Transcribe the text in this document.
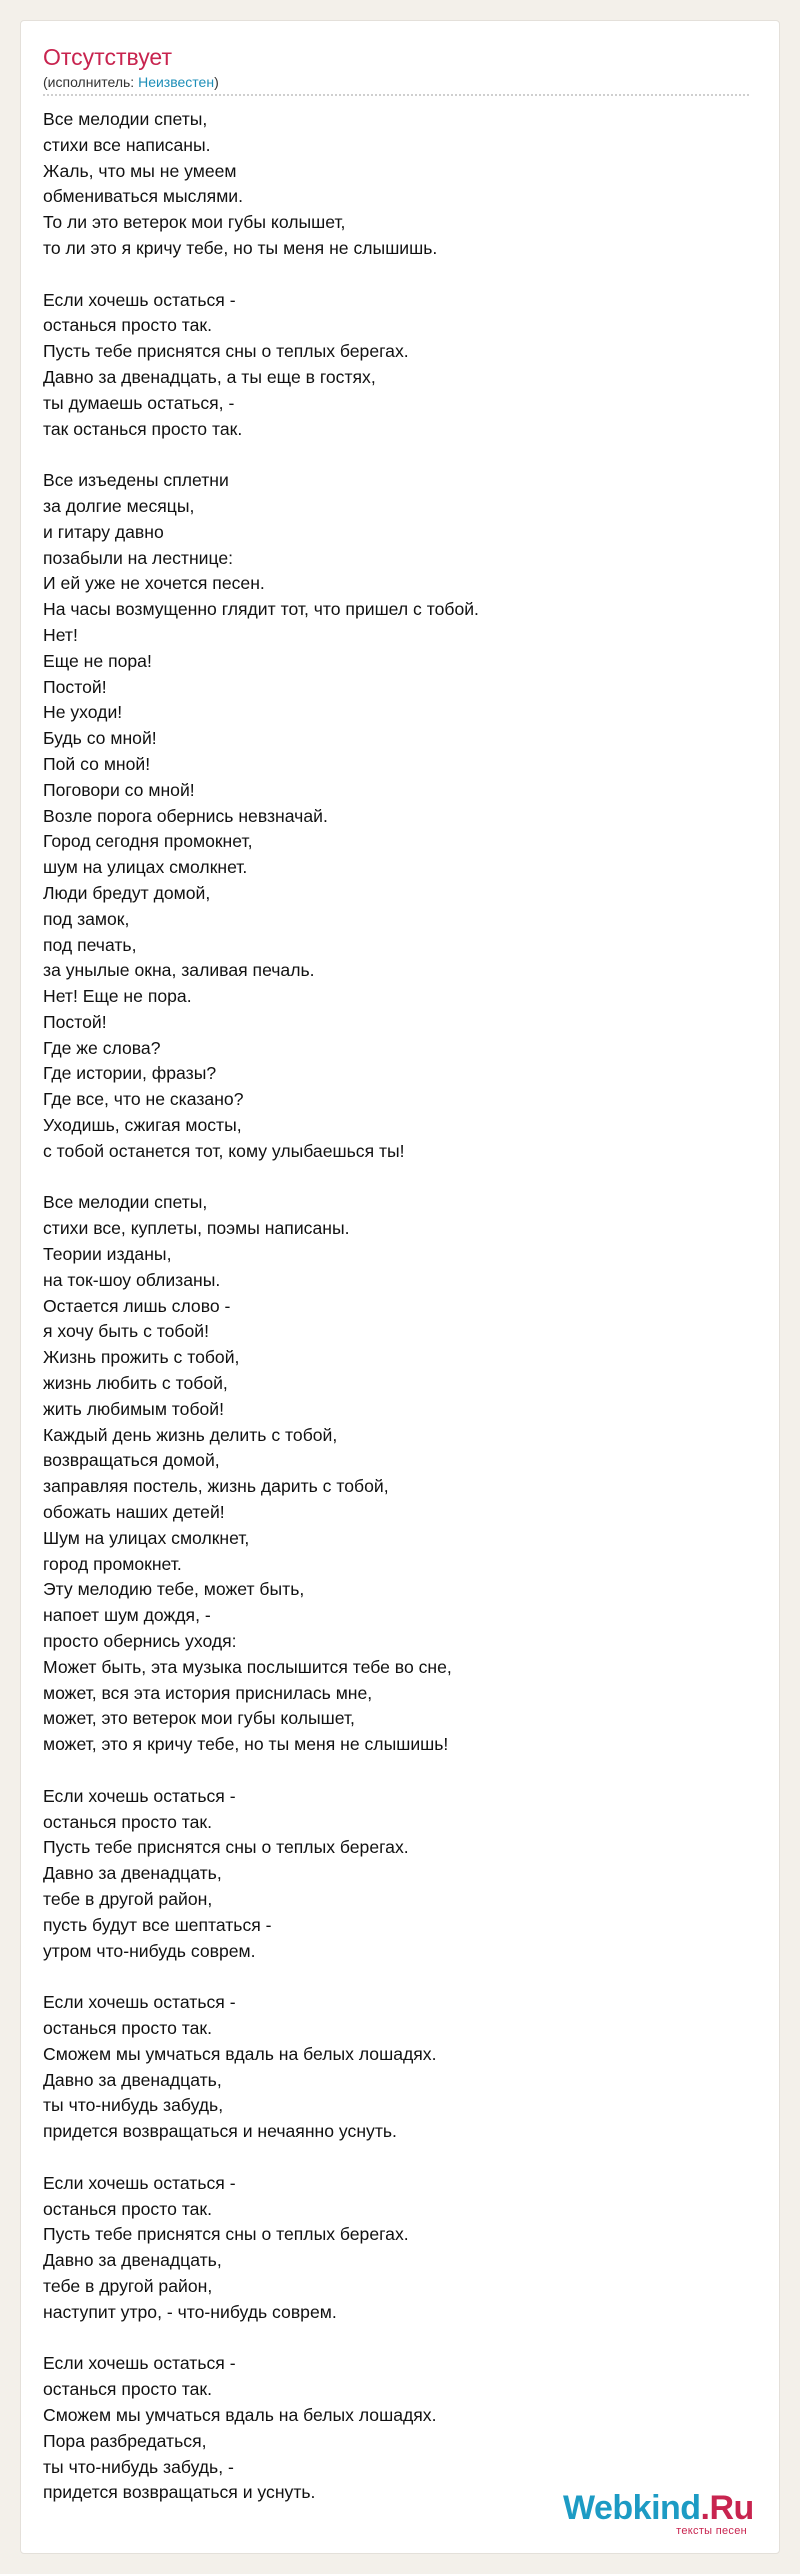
Отсутствует
(исполнитель: Неизвестен)
Все мелодии спеты,
стихи все написаны.
Жаль, что мы не умеем
обмениваться мыслями.
То ли это ветерок мои губы колышет,
то ли это я кричу тебе, но ты меня не слышишь.
Если хочешь остаться -
останься просто так.
Пусть тебе приснятся сны о теплых берегах.
Давно за двенадцать, а ты еще в гостях,
ты думаешь остаться, -
так останься просто так.
Все изъедены сплетни
за долгие месяцы,
и гитару давно
позабыли на лестнице:
И ей уже не хочется песен.
На часы возмущенно глядит тот, что пришел с тобой.
Нет!
Еще не пора!
Постой!
Не уходи!
Будь со мной!
Пой со мной!
Поговори со мной!
Возле порога обернись невзначай.
Город сегодня промокнет,
шум на улицах смолкнет.
Люди бредут домой,
под замок,
под печать,
за унылые окна, заливая печаль.
Нет! Еще не пора.
Постой!
Где же слова?
Где истории, фразы?
Где все, что не сказано?
Уходишь, сжигая мосты,
с тобой останется тот, кому улыбаешься ты!
Все мелодии спеты,
стихи все, куплеты, поэмы написаны.
Теории изданы,
на ток-шоу облизаны.
Остается лишь слово -
я хочу быть с тобой!
Жизнь прожить с тобой,
жизнь любить с тобой,
жить любимым тобой!
Каждый день жизнь делить с тобой,
возвращаться домой,
заправляя постель, жизнь дарить с тобой,
обожать наших детей!
Шум на улицах смолкнет,
город промокнет.
Эту мелодию тебе, может быть,
напоет шум дождя, -
просто обернись уходя:
Может быть, эта музыка послышится тебе во сне,
может, вся эта история приснилась мне,
может, это ветерок мои губы колышет,
может, это я кричу тебе, но ты меня не слышишь!
Если хочешь остаться -
останься просто так.
Пусть тебе приснятся сны о теплых берегах.
Давно за двенадцать,
тебе в другой район,
пусть будут все шептаться -
утром что-нибудь соврем.
Если хочешь остаться -
останься просто так.
Сможем мы умчаться вдаль на белых лошадях.
Давно за двенадцать,
ты что-нибудь забудь,
придется возвращаться и нечаянно уснуть.
Если хочешь остаться -
останься просто так.
Пусть тебе приснятся сны о теплых берегах.
Давно за двенадцать,
тебе в другой район,
наступит утро, - что-нибудь соврем.
Если хочешь остаться -
останься просто так.
Сможем мы умчаться вдаль на белых лошадях.
Пора разбредаться,
ты что-нибудь забудь, -
придется возвращаться и уснуть.	Webkind.Ru
тексты песен
